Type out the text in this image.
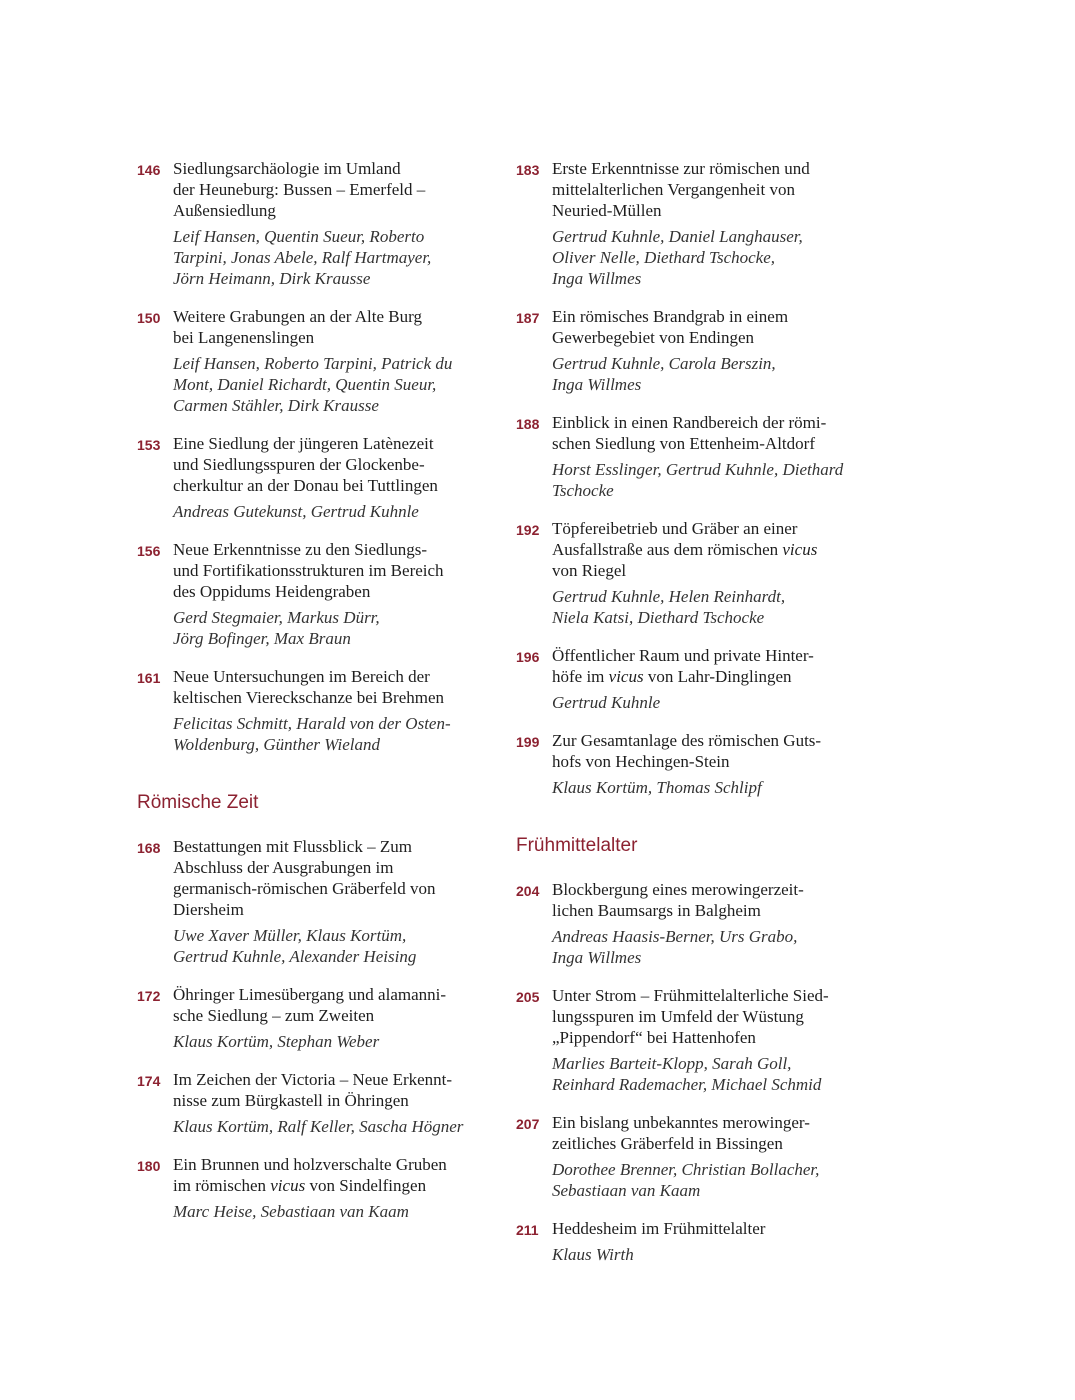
146 Siedlungsarchäologie im Umland
der Heuneburg: Bussen – Emerfeld –
Außensiedlung
Leif Hansen, Quentin Sueur, Roberto
Tarpini, Jonas Abele, Ralf Hartmayer,
Jörn Heimann, Dirk Krausse
150 Weitere Grabungen an der Alte Burg
bei Langenenslingen
Leif Hansen, Roberto Tarpini, Patrick du
Mont, Daniel Richardt, Quentin Sueur,
Carmen Stähler, Dirk Krausse
153 Eine Siedlung der jüngeren Latènezeit
und Siedlungsspuren der Glockenbe-
cherkultur an der Donau bei Tuttlingen
Andreas Gutekunst, Gertrud Kuhnle
156 Neue Erkenntnisse zu den Siedlungs-
und Fortifikationsstrukturen im Bereich
des Oppidums Heidengraben
Gerd Stegmaier, Markus Dürr,
Jörg Bofinger, Max Braun
161 Neue Untersuchungen im Bereich der
keltischen Viereckschanze bei Brehmen
Felicitas Schmitt, Harald von der Osten-
Woldenburg, Günther Wieland
Römische Zeit
168 Bestattungen mit Flussblick – Zum
Abschluss der Ausgrabungen im
germanisch-römischen Gräberfeld von
Diersheim
Uwe Xaver Müller, Klaus Kortüm,
Gertrud Kuhnle, Alexander Heising
172 Öhringer Limesübergang und alamanni-
sche Siedlung – zum Zweiten
Klaus Kortüm, Stephan Weber
174 Im Zeichen der Victoria – Neue Erkennt-
nisse zum Bürgkastell in Öhringen
Klaus Kortüm, Ralf Keller, Sascha Högner
180 Ein Brunnen und holzverschalte Gruben
im römischen vicus von Sindelfingen
Marc Heise, Sebastiaan van Kaam
183 Erste Erkenntnisse zur römischen und
mittelalterlichen Vergangenheit von
Neuried-Müllen
Gertrud Kuhnle, Daniel Langhauser,
Oliver Nelle, Diethard Tschocke,
Inga Willmes
187 Ein römisches Brandgrab in einem
Gewerbegebiet von Endingen
Gertrud Kuhnle, Carola Berszin,
Inga Willmes
188 Einblick in einen Randbereich der römi-
schen Siedlung von Ettenheim-Altdorf
Horst Esslinger, Gertrud Kuhnle, Diethard
Tschocke
192 Töpfereibetrieb und Gräber an einer
Ausfallstraße aus dem römischen vicus
von Riegel
Gertrud Kuhnle, Helen Reinhardt,
Niela Katsi, Diethard Tschocke
196 Öffentlicher Raum und private Hinter-
höfe im vicus von Lahr-Dinglingen
Gertrud Kuhnle
199 Zur Gesamtanlage des römischen Guts-
hofs von Hechingen-Stein
Klaus Kortüm, Thomas Schlipf
Frühmittelalter
204 Blockbergung eines merowingerzeit-
lichen Baumsargs in Balgheim
Andreas Haasis-Berner, Urs Grabo,
Inga Willmes
205 Unter Strom – Frühmittelalterliche Sied-
lungsspuren im Umfeld der Wüstung
„Pippendorf“ bei Hattenhofen
Marlies Barteit-Klopp, Sarah Goll,
Reinhard Rademacher, Michael Schmid
207 Ein bislang unbekanntes merowinger-
zeitliches Gräberfeld in Bissingen
Dorothee Brenner, Christian Bollacher,
Sebastiaan van Kaam
211 Heddesheim im Frühmittelalter
Klaus Wirth
